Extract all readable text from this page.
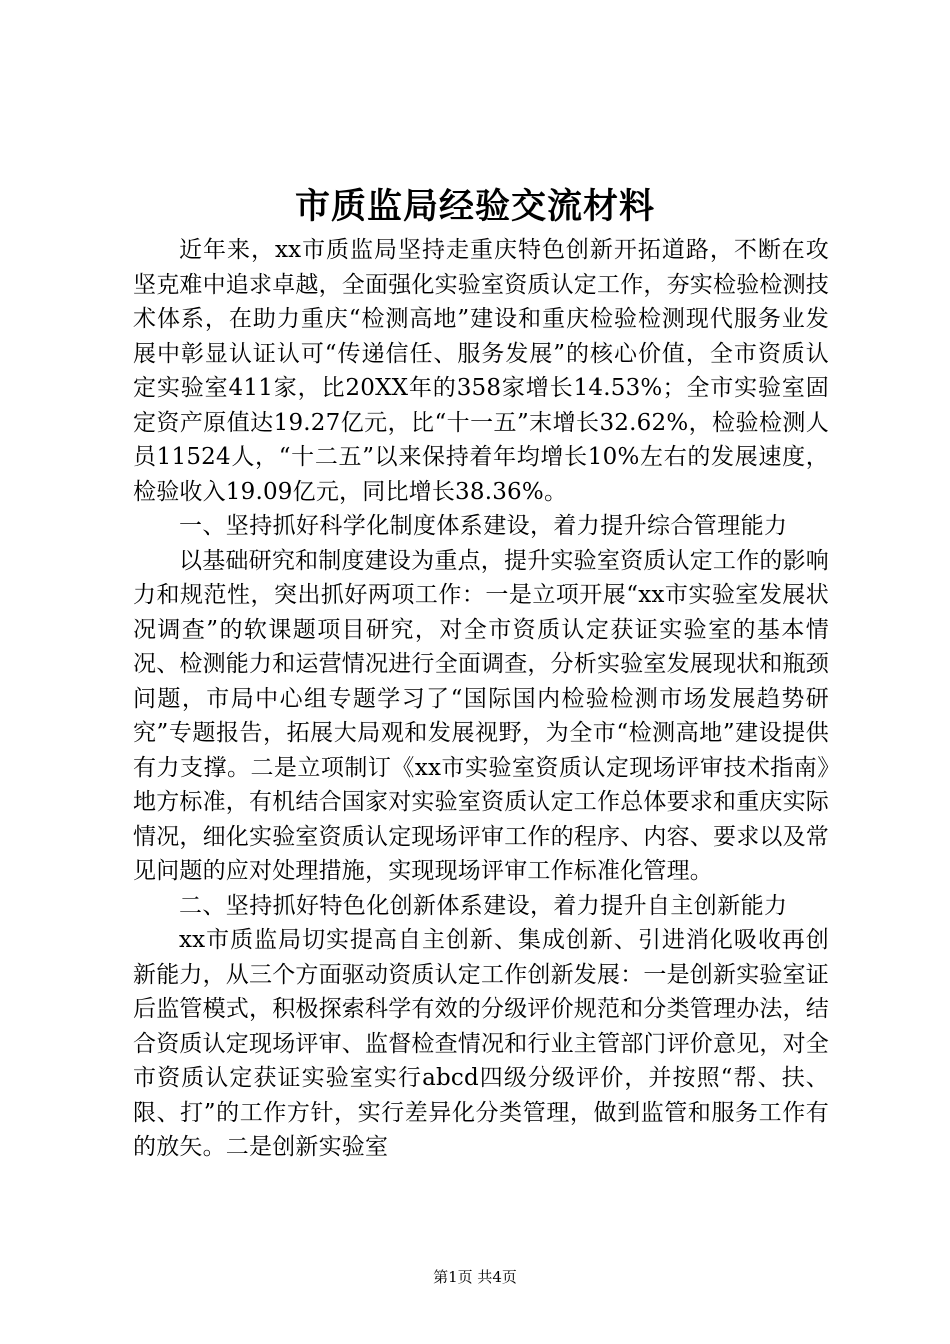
市质监局经验交流材料

近年来，xx市质监局坚持走重庆特色创新开拓道路，不断在攻坚克难中追求卓越，全面强化实验室资质认定工作，夯实检验检测技术体系，在助力重庆“检测高地”建设和重庆检验检测现代服务业发展中彰显认证认可“传递信任、服务发展”的核心价值，全市资质认定实验室411家，比20XX年的358家增长14.53%；全市实验室固定资产原值达19.27亿元，比“十一五”末增长32.62%，检验检测人员11524人，“十二五”以来保持着年均增长10%左右的发展速度，检验收入19.09亿元，同比增长38.36%。

一、坚持抓好科学化制度体系建设，着力提升综合管理能力

以基础研究和制度建设为重点，提升实验室资质认定工作的影响力和规范性，突出抓好两项工作：一是立项开展“xx市实验室发展状况调查”的软课题项目研究，对全市资质认定获证实验室的基本情况、检测能力和运营情况进行全面调查，分析实验室发展现状和瓶颈问题，市局中心组专题学习了“国际国内检验检测市场发展趋势研究”专题报告，拓展大局观和发展视野，为全市“检测高地”建设提供有力支撑。二是立项制订《xx市实验室资质认定现场评审技术指南》地方标准，有机结合国家对实验室资质认定工作总体要求和重庆实际情况，细化实验室资质认定现场评审工作的程序、内容、要求以及常见问题的应对处理措施，实现现场评审工作标准化管理。

二、坚持抓好特色化创新体系建设，着力提升自主创新能力

xx市质监局切实提高自主创新、集成创新、引进消化吸收再创新能力，从三个方面驱动资质认定工作创新发展：一是创新实验室证后监管模式，积极探索科学有效的分级评价规范和分类管理办法，结合资质认定现场评审、监督检查情况和行业主管部门评价意见，对全市资质认定获证实验室实行abcd四级分级评价，并按照“帮、扶、限、打”的工作方针，实行差异化分类管理，做到监管和服务工作有的放矢。二是创新实验室

第1页 共4页
